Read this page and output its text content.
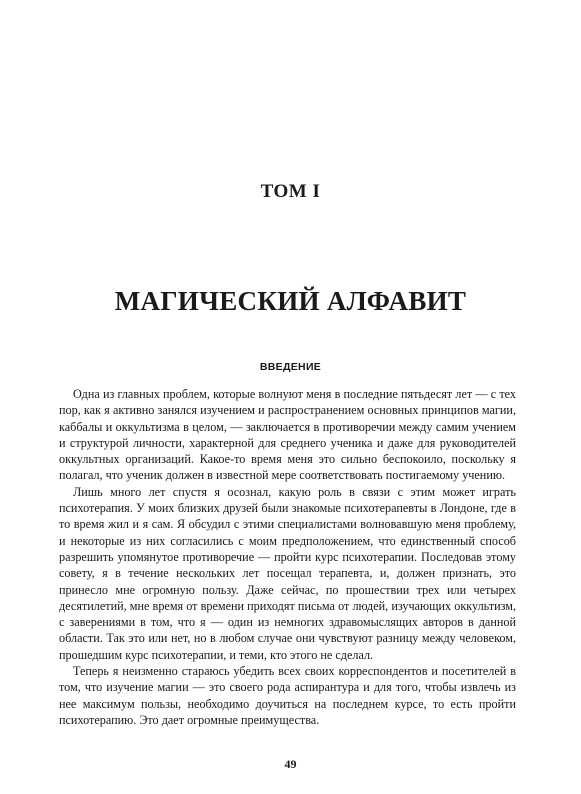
ТОМ I
МАГИЧЕСКИЙ АЛФАВИТ
ВВЕДЕНИЕ

Одна из главных проблем, которые волнуют меня в последние пятьдесят лет — с тех пор, как я активно занялся изучением и распространением основных принципов магии, каббалы и оккультизма в целом, — заключается в противоречии между самим учением и структурой личности, характерной для среднего ученика и даже для руководителей оккультных организаций. Какое-то время меня это сильно беспокоило, поскольку я полагал, что ученик должен в известной мере соответствовать постигаемому учению.

Лишь много лет спустя я осознал, какую роль в связи с этим может играть психотерапия. У моих близких друзей были знакомые психотерапевты в Лондоне, где в то время жил и я сам. Я обсудил с этими специалистами волновавшую меня проблему, и некоторые из них согласились с моим предположением, что единственный способ разрешить упомянутое противоречие — пройти курс психотерапии. Последовав этому совету, я в течение нескольких лет посещал терапевта, и, должен признать, это принесло мне огромную пользу. Даже сейчас, по прошествии трех или четырех десятилетий, мне время от времени приходят письма от людей, изучающих оккультизм, с заверениями в том, что я — один из немногих здравомыслящих авторов в данной области. Так это или нет, но в любом случае они чувствуют разницу между человеком, прошедшим курс психотерапии, и теми, кто этого не сделал.

Теперь я неизменно стараюсь убедить всех своих корреспондентов и посетителей в том, что изучение магии — это своего рода аспирантура и для того, чтобы извлечь из нее максимум пользы, необходимо доучиться на последнем курсе, то есть пройти психотерапию. Это дает огромные преимущества.

49
